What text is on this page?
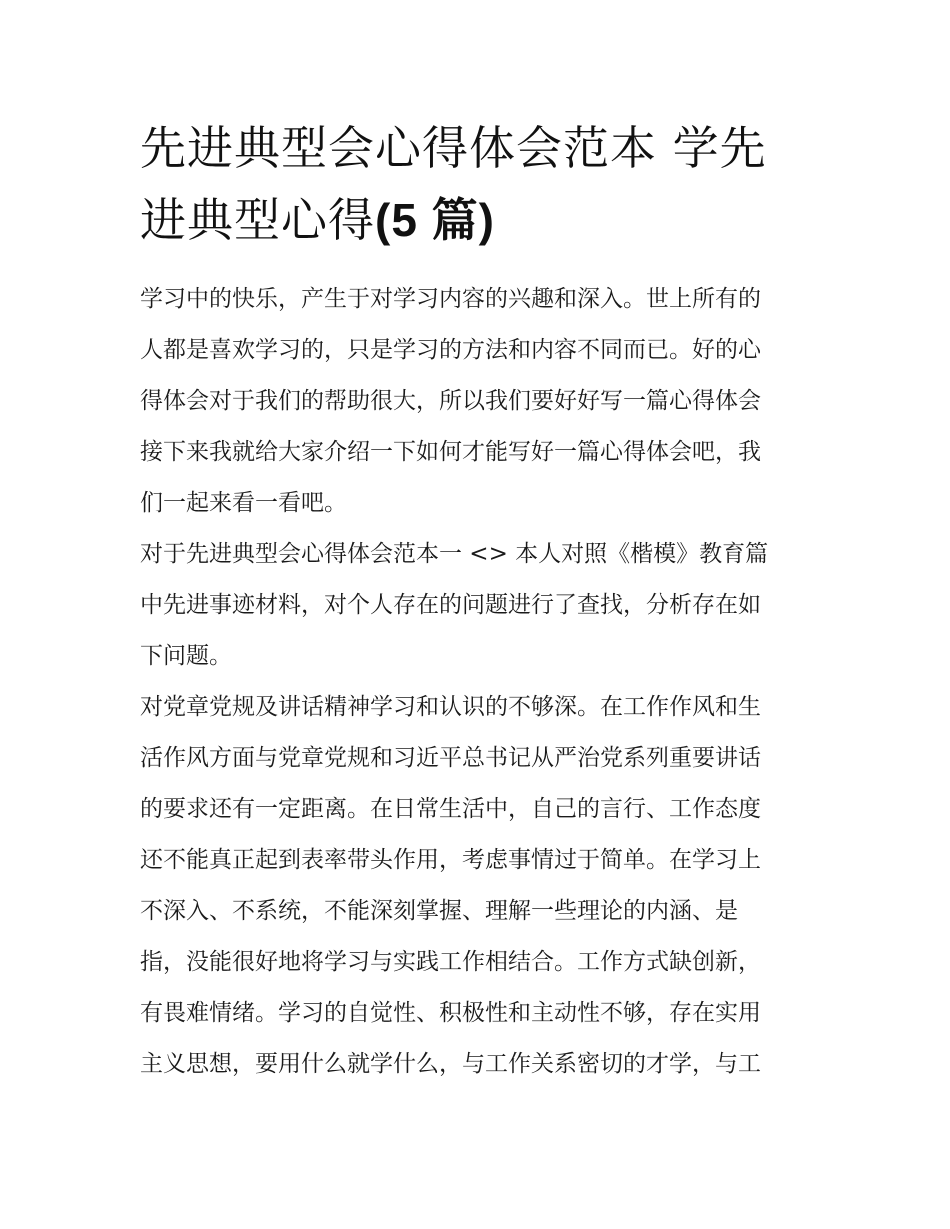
先进典型会心得体会范本 学先
进典型心得(5 篇)

学习中的快乐，产生于对学习内容的兴趣和深入。世上所有的
人都是喜欢学习的，只是学习的方法和内容不同而已。好的心
得体会对于我们的帮助很大，所以我们要好好写一篇心得体会
接下来我就给大家介绍一下如何才能写好一篇心得体会吧，我
们一起来看一看吧。

对于先进典型会心得体会范本一 <> 本人对照《楷模》教育篇
中先进事迹材料，对个人存在的问题进行了查找，分析存在如
下问题。

对党章党规及讲话精神学习和认识的不够深。在工作作风和生
活作风方面与党章党规和习近平总书记从严治党系列重要讲话
的要求还有一定距离。在日常生活中，自己的言行、工作态度
还不能真正起到表率带头作用，考虑事情过于简单。在学习上
不深入、不系统，不能深刻掌握、理解一些理论的内涵、是
指，没能很好地将学习与实践工作相结合。工作方式缺创新，
有畏难情绪。学习的自觉性、积极性和主动性不够，存在实用
主义思想，要用什么就学什么，与工作关系密切的才学，与工
